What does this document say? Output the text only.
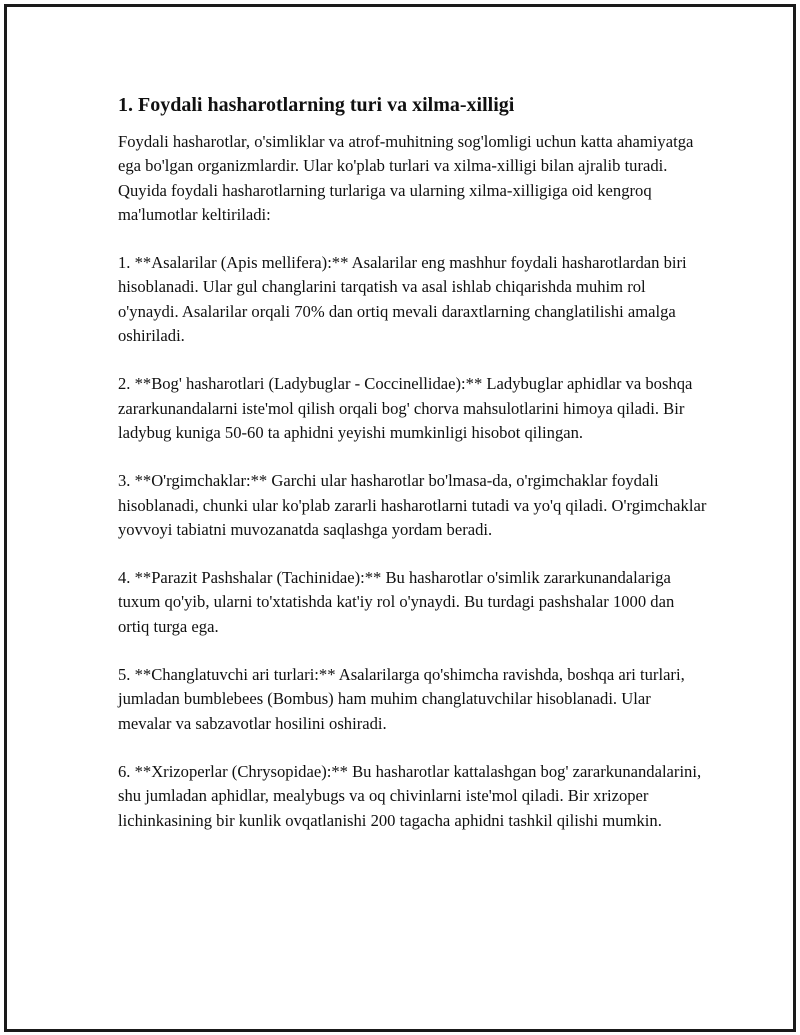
1. Foydali hasharotlarning turi va xilma-xilligi

Foydali hasharotlar, o'simliklar va atrof-muhitning sog'lomligi uchun katta ahamiyatga ega bo'lgan organizmlardir. Ular ko'plab turlari va xilma-xilligi bilan ajralib turadi. Quyida foydali hasharotlarning turlariga va ularning xilma-xilligiga oid kengroq ma'lumotlar keltiriladi:

1. **Asalarilar (Apis mellifera):** Asalarilar eng mashhur foydali hasharotlardan biri hisoblanadi. Ular gul changlarini tarqatish va asal ishlab chiqarishda muhim rol o'ynaydi. Asalarilar orqali 70% dan ortiq mevali daraxtlarning changlatilishi amalga oshiriladi.

2. **Bog' hasharotlari (Ladybuglar - Coccinellidae):** Ladybuglar aphidlar va boshqa zararkunandalarni iste'mol qilish orqali bog' chorva mahsulotlarini himoya qiladi. Bir ladybug kuniga 50-60 ta aphidni yeyishi mumkinligi hisobot qilingan.

3. **O'rgimchaklar:** Garchi ular hasharotlar bo'lmasa-da, o'rgimchaklar foydali hisoblanadi, chunki ular ko'plab zararli hasharotlarni tutadi va yo'q qiladi. O'rgimchaklar yovvoyi tabiatni muvozanatda saqlashga yordam beradi.

4. **Parazit Pashshalar (Tachinidae):** Bu hasharotlar o'simlik zararkunandalariga tuxum qo'yib, ularni to'xtatishda kat'iy rol o'ynaydi. Bu turdagi pashshalar 1000 dan ortiq turga ega.

5. **Changlatuvchi ari turlari:** Asalarilarga qo'shimcha ravishda, boshqa ari turlari, jumladan bumblebees (Bombus) ham muhim changlatuvchilar hisoblanadi. Ular mevalar va sabzavotlar hosilini oshiradi.

6. **Xrizoperlar (Chrysopidae):** Bu hasharotlar kattalashgan bog' zararkunandalarini, shu jumladan aphidlar, mealybugs va oq chivinlarni iste'mol qiladi. Bir xrizoper lichinkasining bir kunlik ovqatlanishi 200 tagacha aphidni tashkil qilishi mumkin.
